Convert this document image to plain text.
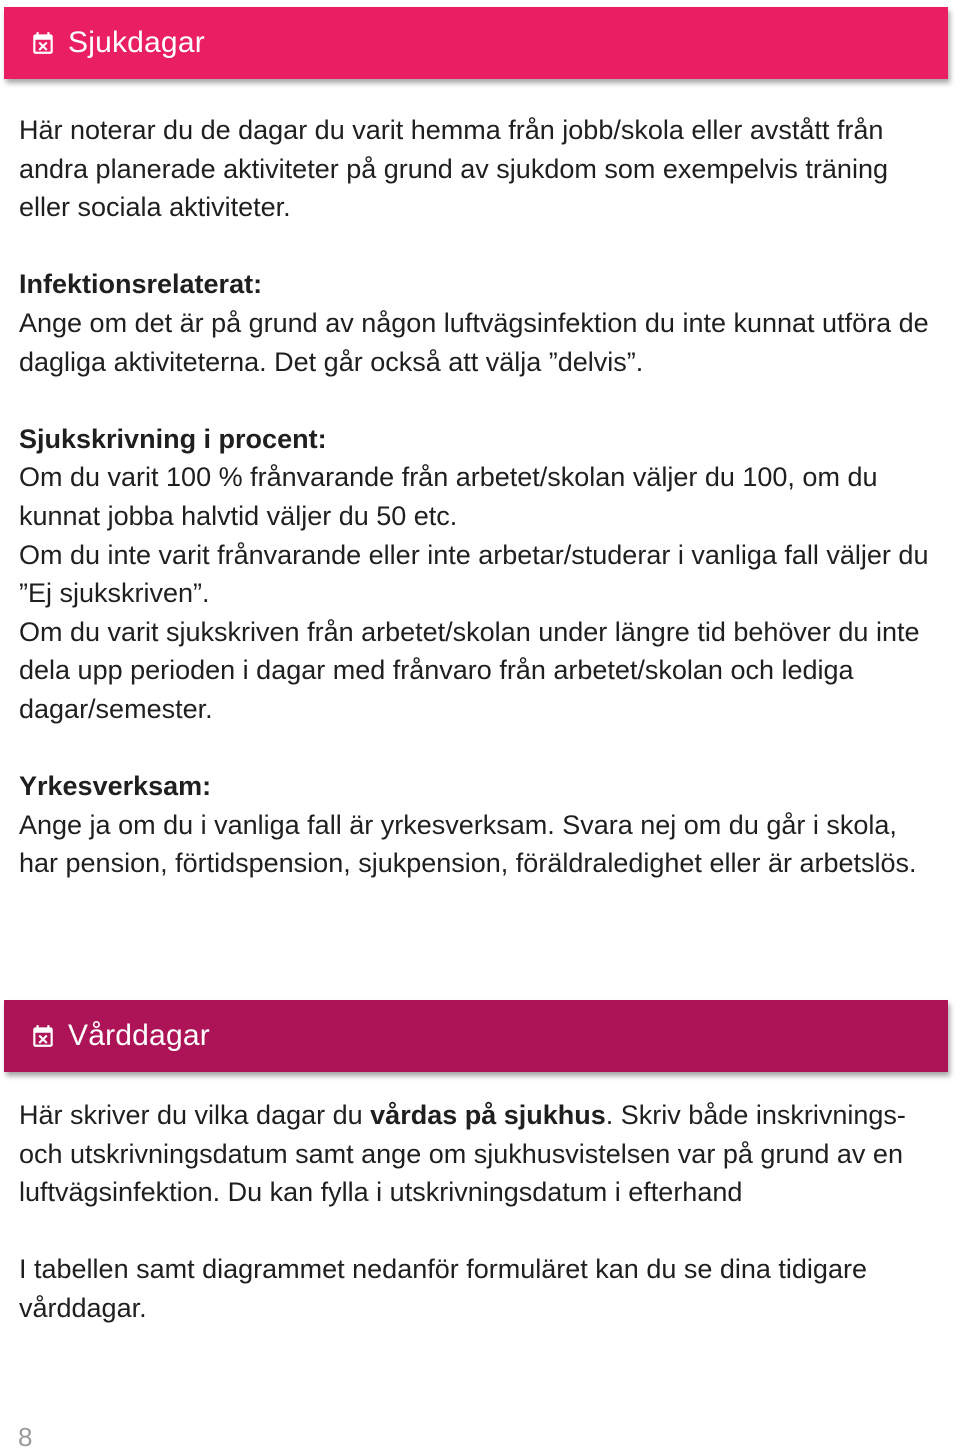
Sjukdagar

Här noterar du de dagar du varit hemma från jobb/skola eller avstått från andra planerade aktiviteter på grund av sjukdom som exempelvis träning eller sociala aktiviteter.

Infektionsrelaterat:

Ange om det är på grund av någon luftvägsinfektion du inte kunnat utföra de dagliga aktiviteterna. Det går också att välja ”delvis”.

Sjukskrivning i procent:

Om du varit 100 % frånvarande från arbetet/skolan väljer du 100, om du kunnat jobba halvtid väljer du 50 etc.

Om du inte varit frånvarande eller inte arbetar/studerar i vanliga fall väljer du ”Ej sjukskriven”.

Om du varit sjukskriven från arbetet/skolan under längre tid behöver du inte dela upp perioden i dagar med frånvaro från arbetet/skolan och lediga dagar/semester.

Yrkesverksam:

Ange ja om du i vanliga fall är yrkesverksam. Svara nej om du går i skola, har pension, förtidspension, sjukpension, föräldraledighet eller är arbetslös.

Vårddagar

Här skriver du vilka dagar du vårdas på sjukhus. Skriv både inskrivnings- och utskrivningsdatum samt ange om sjukhusvistelsen var på grund av en luftvägsinfektion. Du kan fylla i utskrivningsdatum i efterhand

I tabellen samt diagrammet nedanför formuläret kan du se dina tidigare vårddagar.

8
